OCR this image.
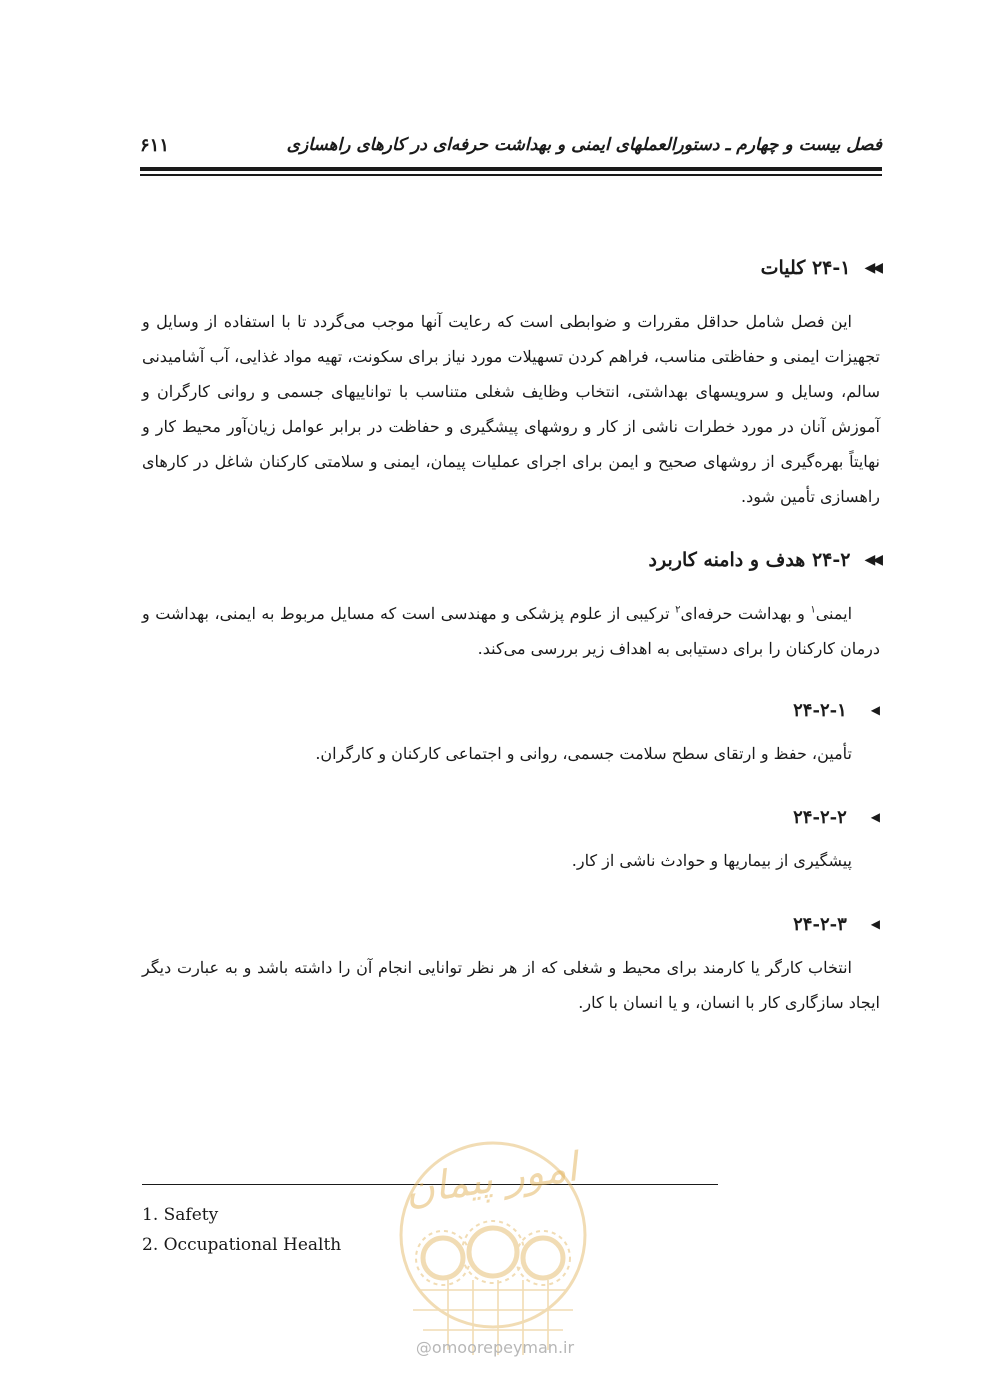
فصل بیست و چهارم ـ دستورالعملهای ایمنی و بهداشت حرفه‌ای در کارهای راهسازی
۶۱۱
◀◀
۲۴-۱ کلیات

این فصل شامل حداقل مقررات و ضوابطی است که رعایت آنها موجب می‌گردد تا با استفاده از وسایل و تجهیزات ایمنی و حفاظتی مناسب، فراهم کردن تسهیلات مورد نیاز برای سکونت، تهیه مواد غذایی، آب آشامیدنی سالم، وسایل و سرویسهای بهداشتی، انتخاب وظایف شغلی متناسب با تواناییهای جسمی و روانی کارگران و آموزش آنان در مورد خطرات ناشی از کار و روشهای پیشگیری و حفاظت در برابر عوامل زیان‌آور محیط کار و نهایتاً بهره‌گیری از روشهای صحیح و ایمن برای اجرای عملیات پیمان، ایمنی و سلامتی کارکنان شاغل در کارهای راهسازی تأمین شود.

◀◀
۲۴-۲ هدف و دامنه کاربرد

ایمنی$^۱$ و بهداشت حرفه‌ای$^۲$ ترکیبی از علوم پزشکی و مهندسی است که مسایل مربوط به ایمنی، بهداشت و درمان کارکنان را برای دستیابی به اهداف زیر بررسی می‌کند.

◀
۲۴-۲-۱

تأمین، حفظ و ارتقای سطح سلامت جسمی، روانی و اجتماعی کارکنان و کارگران.

◀
۲۴-۲-۲

پیشگیری از بیماریها و حوادث ناشی از کار.

◀
۲۴-۲-۳

انتخاب کارگر یا کارمند برای محیط و شغلی که از هر نظر توانایی انجام آن را داشته باشد و به عبارت دیگر ایجاد سازگاری کار با انسان، و یا انسان با کار.

1. Safety
2. Occupational Health
امور پیمان
@omoorepeyman.ir
